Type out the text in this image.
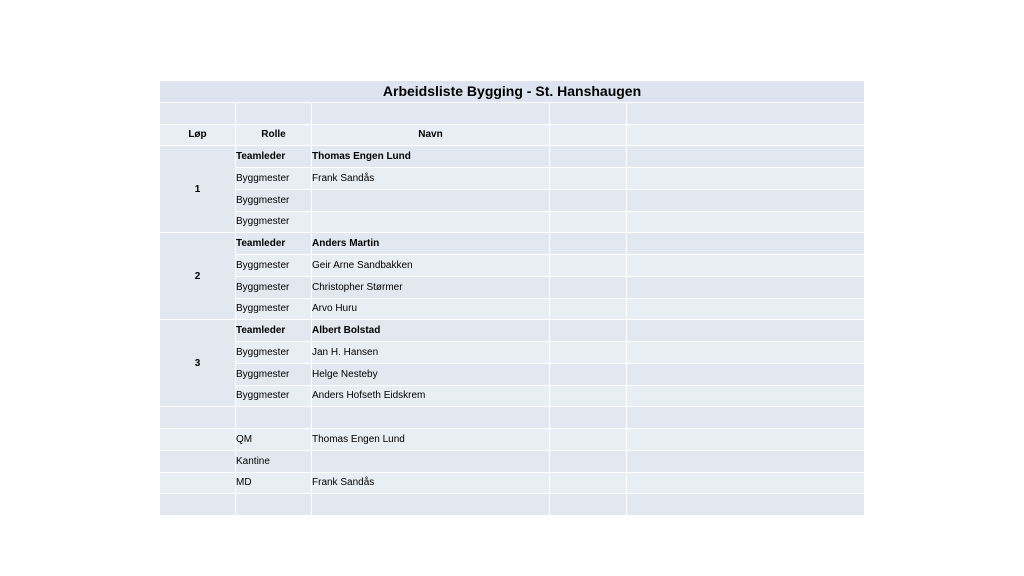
Arbeidsliste Bygging - St. Hanshaugen				

Løp	Rolle	Navn		
1	Teamleder	Thomas Engen Lund		
	Byggmester	Frank Sandås		
	Byggmester			
	Byggmester			
2	Teamleder	Anders Martin		
	Byggmester	Geir Arne Sandbakken		
	Byggmester	Christopher Størmer		
	Byggmester	Arvo Huru		
3	Teamleder	Albert Bolstad		
	Byggmester	Jan H. Hansen		
	Byggmester	Helge Nesteby		
	Byggmester	Anders Hofseth Eidskrem		

	QM	Thomas Engen Lund		
	Kantine			
	MD	Frank Sandås		
